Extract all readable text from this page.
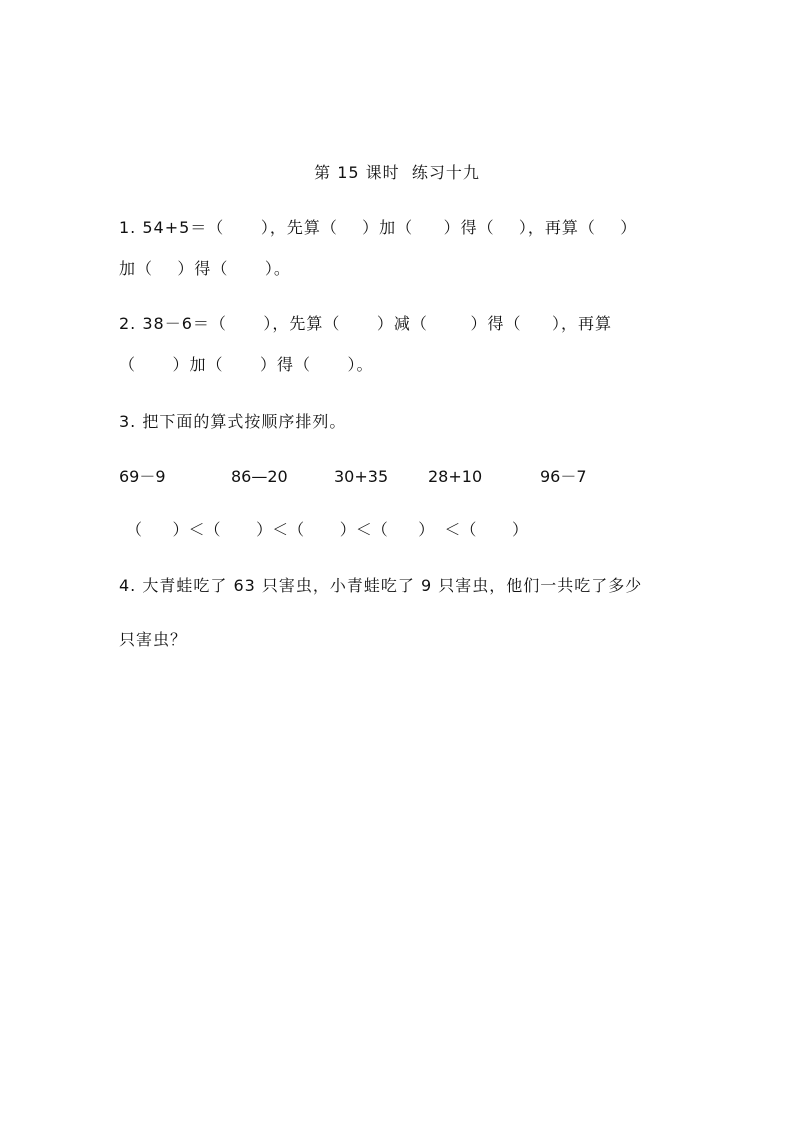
第 15 课时  练习十九
1. 54+5＝（      ），先算（    ）加（     ）得（    ），再算（    ）
加（    ）得（      ）。
2. 38－6＝（      ），先算（      ）减（       ）得（     ），再算
（      ）加（      ）得（      ）。
3. 把下面的算式按顺序排列。
69－9	86—20	30+35 28+10	96－7
（      ）＜（       ）＜（       ）＜（      ）  ＜（       ）
4. 大青蛙吃了 63 只害虫，小青蛙吃了 9 只害虫，他们一共吃了多少
只害虫？
